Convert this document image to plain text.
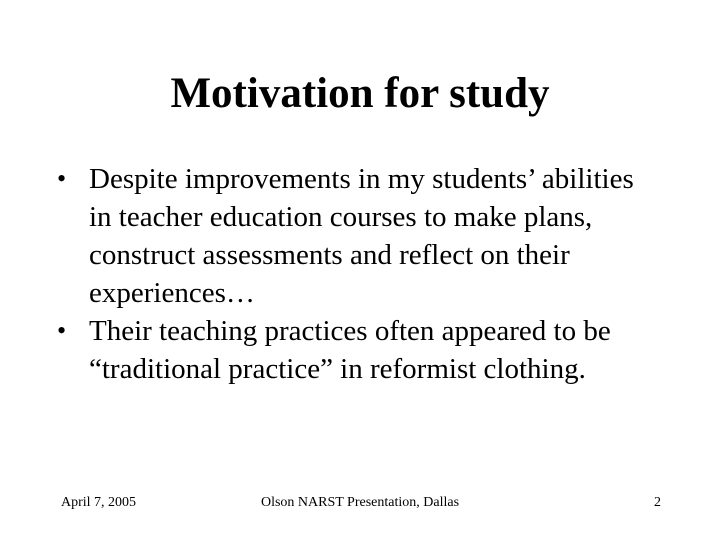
Motivation for study
• Despite improvements in my students’ abilities in teacher education courses to make plans, construct assessments and reflect on their experiences…
• Their teaching practices often appeared to be “traditional practice” in reformist clothing.
April 7, 2005	Olson NARST Presentation, Dallas	2
